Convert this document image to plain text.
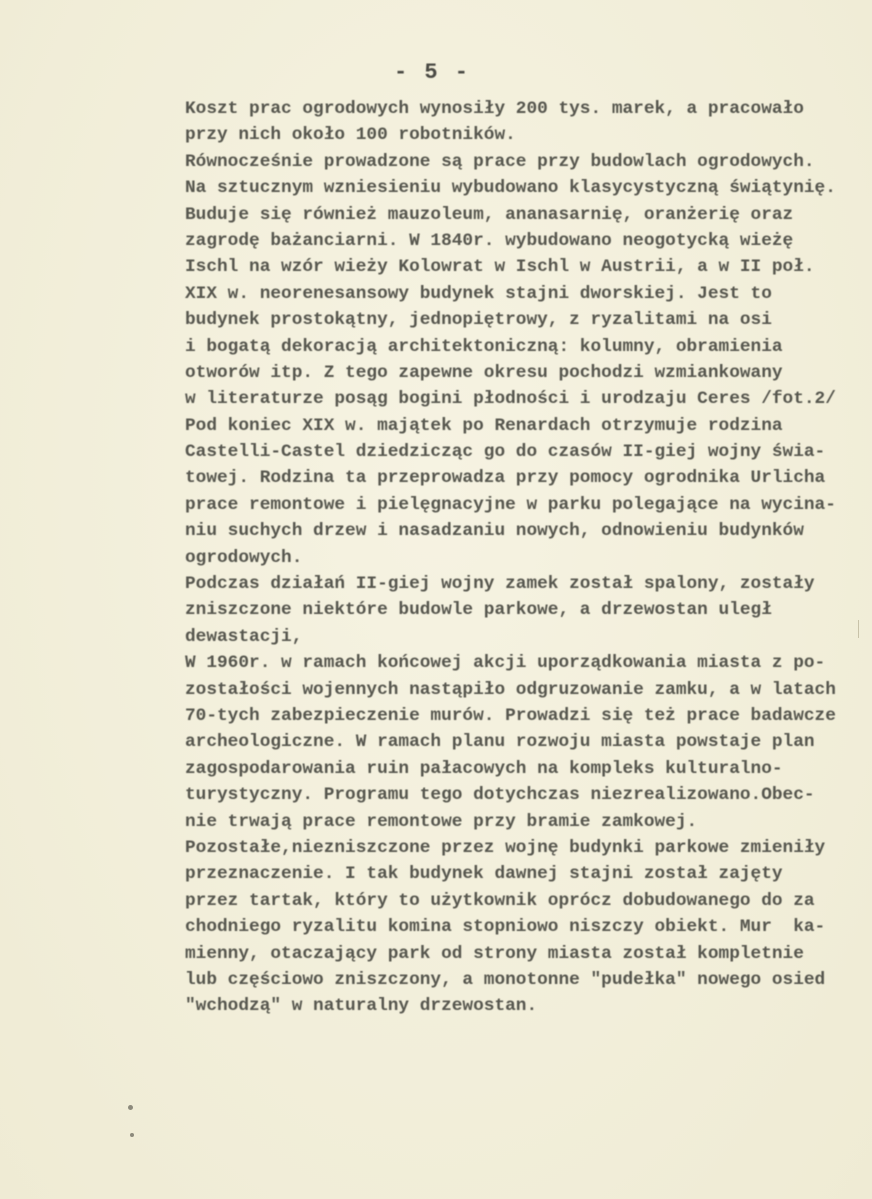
- 5 -
Koszt prac ogrodowych wynosiły 200 tys. marek, a pracowało
przy nich około 100 robotników.
Równocześnie prowadzone są prace przy budowlach ogrodowych.
Na sztucznym wzniesieniu wybudowano klasycystyczną świątynię.
Buduje się również mauzoleum, ananasarnię, oranżerię oraz
zagrodę bażanciarni. W 1840r. wybudowano neogotycką wieżę
Ischl na wzór wieży Kolowrat w Ischl w Austrii, a w II poł.
XIX w. neorenesansowy budynek stajni dworskiej. Jest to
budynek prostokątny, jednopiętrowy, z ryzalitami na osi
i bogatą dekoracją architektoniczną: kolumny, obramienia
otworów itp. Z tego zapewne okresu pochodzi wzmiankowany
w literaturze posąg bogini płodności i urodzaju Ceres /fot.2/
Pod koniec XIX w. majątek po Renardach otrzymuje rodzina
Castelli-Castel dziedzicząc go do czasów II-giej wojny świa-
towej. Rodzina ta przeprowadza przy pomocy ogrodnika Urlicha
prace remontowe i pielęgnacyjne w parku polegające na wycina-
niu suchych drzew i nasadzaniu nowych, odnowieniu budynków
ogrodowych.
Podczas działań II-giej wojny zamek został spalony, zostały
zniszczone niektóre budowle parkowe, a drzewostan uległ
dewastacji,
W 1960r. w ramach końcowej akcji uporządkowania miasta z po-
zostałości wojennych nastąpiło odgruzowanie zamku, a w latach
70-tych zabezpieczenie murów. Prowadzi się też prace badawcze
archeologiczne. W ramach planu rozwoju miasta powstaje plan
zagospodarowania ruin pałacowych na kompleks kulturalno-
turystyczny. Programu tego dotychczas niezrealizowano.Obec-
nie trwają prace remontowe przy bramie zamkowej.
Pozostałe,niezniszczone przez wojnę budynki parkowe zmieniły
przeznaczenie. I tak budynek dawnej stajni został zajęty
przez tartak, który to użytkownik oprócz dobudowanego do za
chodniego ryzalitu komina stopniowo niszczy obiekt. Mur  ka-
mienny, otaczający park od strony miasta został kompletnie
lub częściowo zniszczony, a monotonne "pudełka" nowego osied
"wchodzą" w naturalny drzewostan.
